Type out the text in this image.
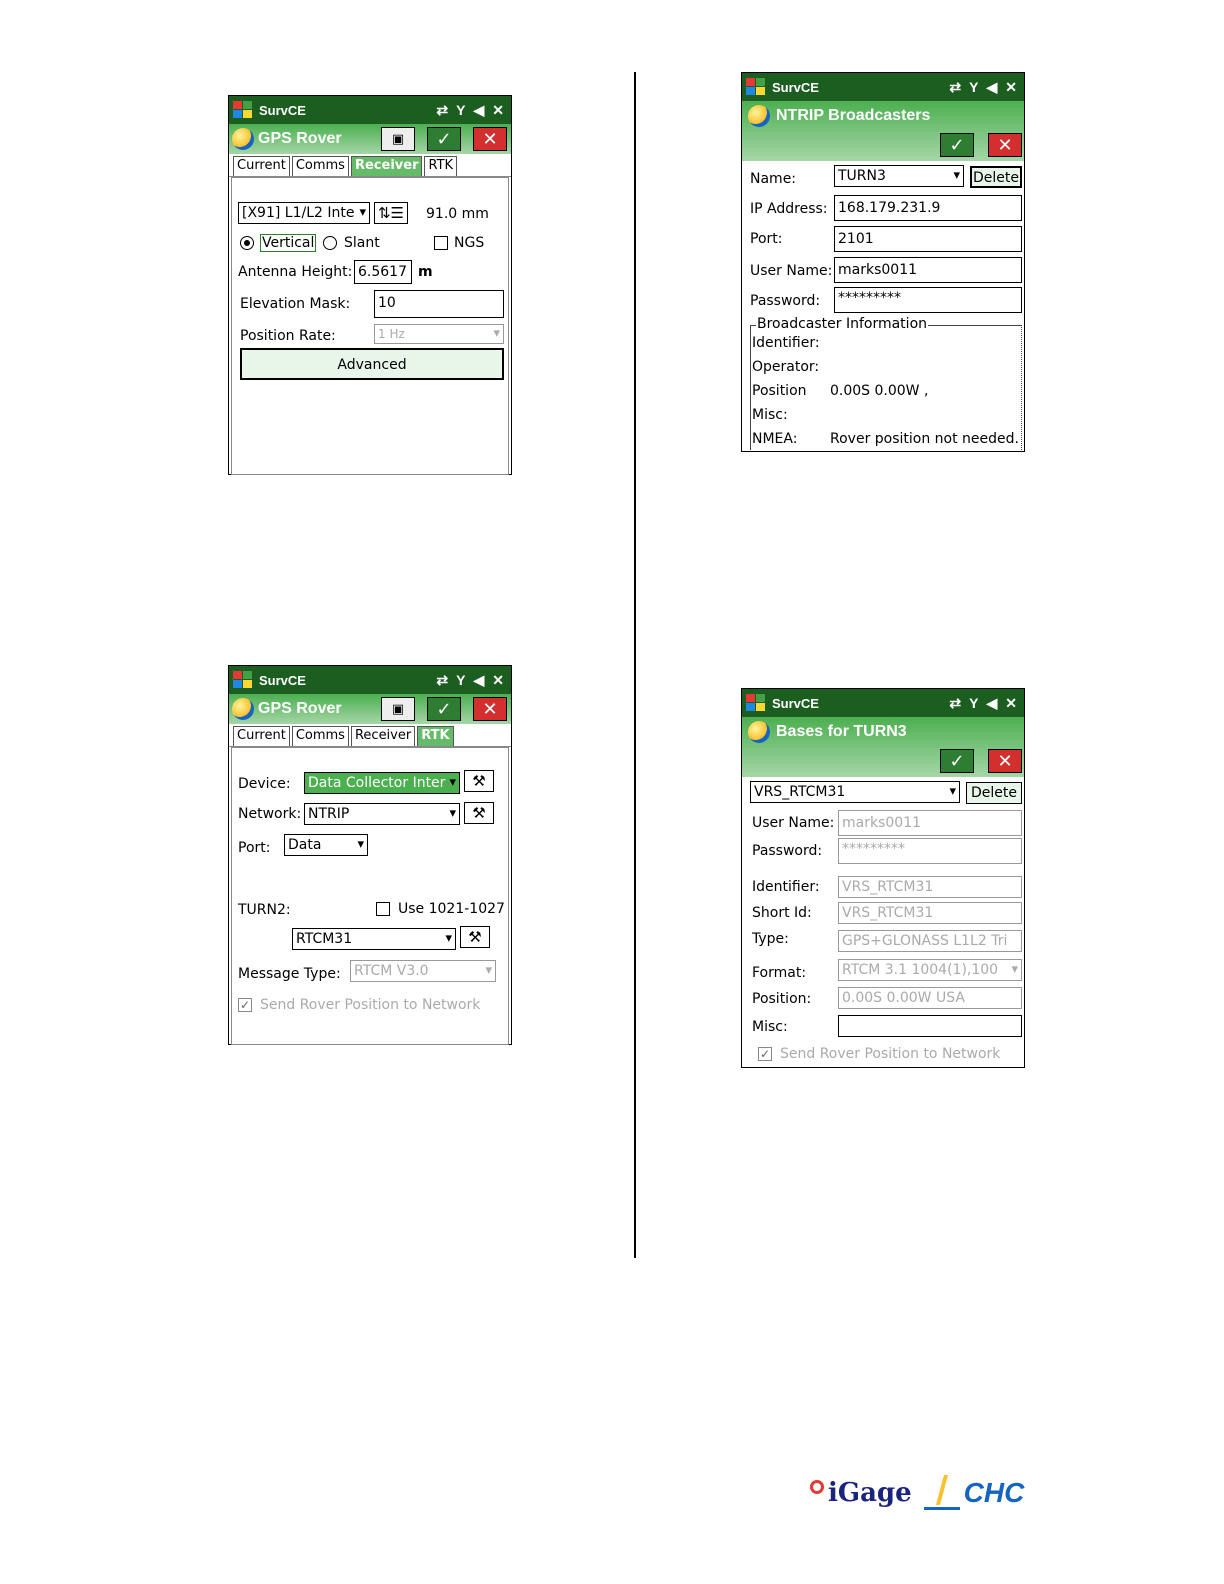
SurvCE	⇄ Y ◀ ✕
GPS Rover	▣	✓	✕
Current Comms Receiver RTK
[X91] L1/L2 Inte ▾	⇅☰ 91.0 mm
Vertical Slant	NGS
Antenna Height: 6.5617 m
Elevation Mask: 10
Position Rate:	1 Hz ▾
Advanced
SurvCE	⇄ Y ◀ ✕
NTRIP Broadcasters
✓	✕
Name:	TURN3 ▾	Delete
IP Address: 168.179.231.9
Port:	2101
User Name: marks0011
Password: *********
Broadcaster Information
Identifier:
Operator:
Position 0.00S 0.00W ,
Misc:
NMEA: Rover position not needed.
SurvCE	⇄ Y ◀ ✕
GPS Rover	▣	✓	✕
Current Comms Receiver RTK
Device: Data Collector Inter ▾	⚒
Network: NTRIP ▾	⚒
Port: Data ▾
TURN2:	Use 1021-1027
RTCM31 ▾	⚒
Message Type: RTCM V3.0 ▾
✓ Send Rover Position to Network
SurvCE	⇄ Y ◀ ✕
Bases for TURN3
✓	✕
VRS_RTCM31 ▾	Delete
User Name: marks0011
Password: *********
Identifier: VRS_RTCM31
Short Id: VRS_RTCM31
Type:	GPS+GLONASS L1L2 Tri
Format:	RTCM 3.1 1004(1),100 ▾
Position: 0.00S 0.00W USA
Misc:
✓ Send Rover Position to Network
iGage	CHC
